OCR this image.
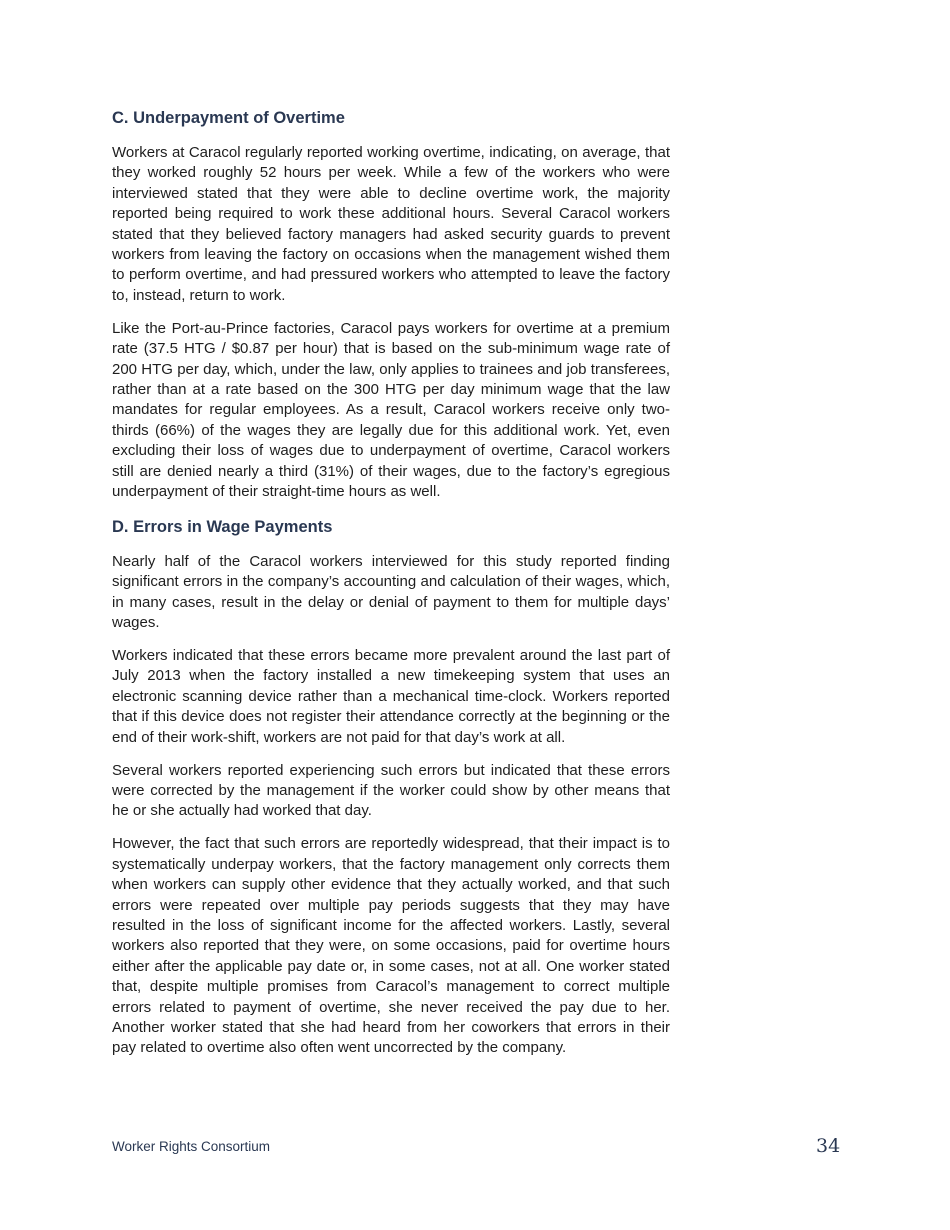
C. Underpayment of Overtime

Workers at Caracol regularly reported working overtime, indicating, on average, that they worked roughly 52 hours per week. While a few of the workers who were interviewed stated that they were able to decline overtime work, the majority reported being required to work these additional hours. Several Caracol workers stated that they believed factory managers had asked security guards to prevent workers from leaving the factory on occasions when the management wished them to perform overtime, and had pressured workers who attempted to leave the factory to, instead, return to work.

Like the Port-au-Prince factories, Caracol pays workers for overtime at a premium rate (37.5 HTG / $0.87 per hour) that is based on the sub-minimum wage rate of 200 HTG per day, which, under the law, only applies to trainees and job transferees, rather than at a rate based on the 300 HTG per day minimum wage that the law mandates for regular employees. As a result, Caracol workers receive only two-thirds (66%) of the wages they are legally due for this additional work. Yet, even excluding their loss of wages due to underpayment of overtime, Caracol workers still are denied nearly a third (31%) of their wages, due to the factory’s egregious underpayment of their straight-time hours as well.

D. Errors in Wage Payments

Nearly half of the Caracol workers interviewed for this study reported finding significant errors in the company’s accounting and calculation of their wages, which, in many cases, result in the delay or denial of payment to them for multiple days’ wages.

Workers indicated that these errors became more prevalent around the last part of July 2013 when the factory installed a new timekeeping system that uses an electronic scanning device rather than a mechanical time-clock. Workers reported that if this device does not register their attendance correctly at the beginning or the end of their work-shift, workers are not paid for that day’s work at all.

Several workers reported experiencing such errors but indicated that these errors were corrected by the management if the worker could show by other means that he or she actually had worked that day.

However, the fact that such errors are reportedly widespread, that their impact is to systematically underpay workers, that the factory management only corrects them when workers can supply other evidence that they actually worked, and that such errors were repeated over multiple pay periods suggests that they may have resulted in the loss of significant income for the affected workers. Lastly, several workers also reported that they were, on some occasions, paid for overtime hours either after the applicable pay date or, in some cases, not at all. One worker stated that, despite multiple promises from Caracol’s management to correct multiple errors related to payment of overtime, she never received the pay due to her. Another worker stated that she had heard from her coworkers that errors in their pay related to overtime also often went uncorrected by the company.

Worker Rights Consortium	34
